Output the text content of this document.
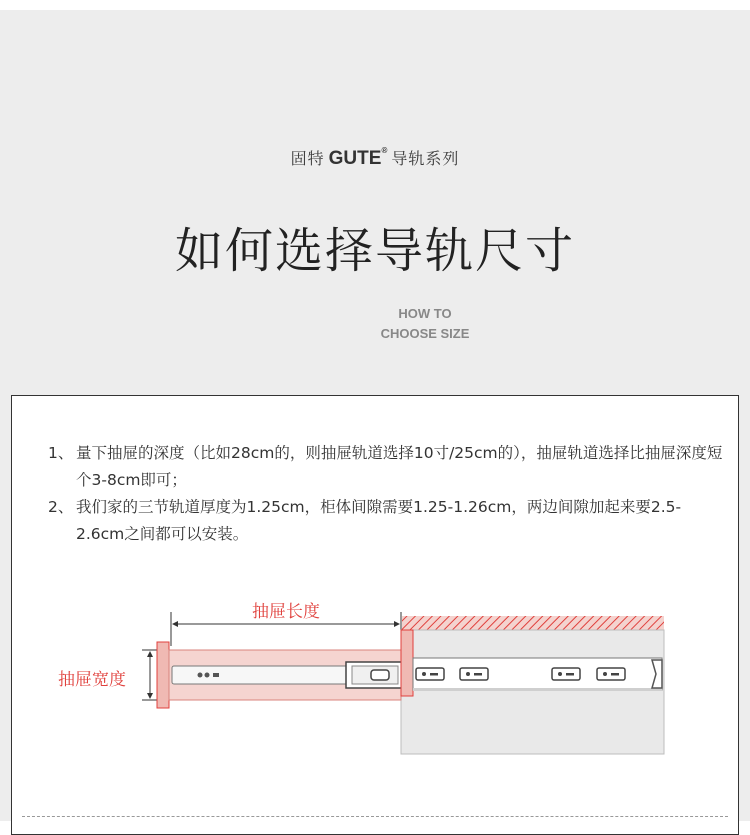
固特 GUTE® 导轨系列
如何选择导轨尺寸
HOW TO
CHOOSE SIZE
1、 量下抽屉的深度（比如28cm的，则抽屉轨道选择10寸/25cm的），抽屉轨道选择比抽屉深度短个3-8cm即可；
2、 我们家的三节轨道厚度为1.25cm，柜体间隙需要1.25-1.26cm，两边间隙加起来要2.5-2.6cm之间都可以安装。
抽屉长度
抽屉宽度
